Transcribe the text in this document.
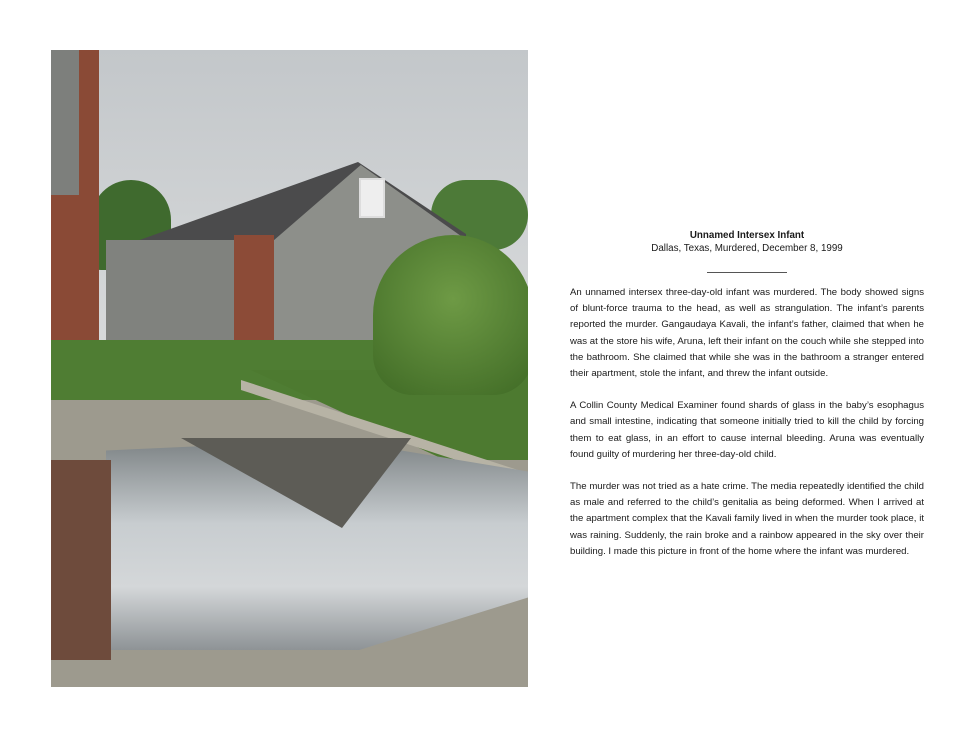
Unnamed Intersex Infant

Dallas, Texas, Murdered, December 8, 1999

An unnamed intersex three-day-old infant was murdered. The body showed signs of blunt-force trauma to the head, as well as strangulation. The infant’s parents reported the murder. Gangaudaya Kavali, the infant’s father, claimed that when he was at the store his wife, Aruna, left their infant on the couch while she stepped into the bathroom. She claimed that while she was in the bathroom a stranger entered their apartment, stole the infant, and threw the infant outside.

A Collin County Medical Examiner found shards of glass in the baby’s esophagus and small intestine, indicating that someone initially tried to kill the child by forcing them to eat glass, in an effort to cause internal bleeding. Aruna was eventually found guilty of murdering her three-day-old child.

The murder was not tried as a hate crime. The media repeatedly identified the child as male and referred to the child’s genitalia as being deformed. When I arrived at the apartment complex that the Kavali family lived in when the murder took place, it was raining. Suddenly, the rain broke and a rainbow appeared in the sky over their building. I made this picture in front of the home where the infant was murdered.
